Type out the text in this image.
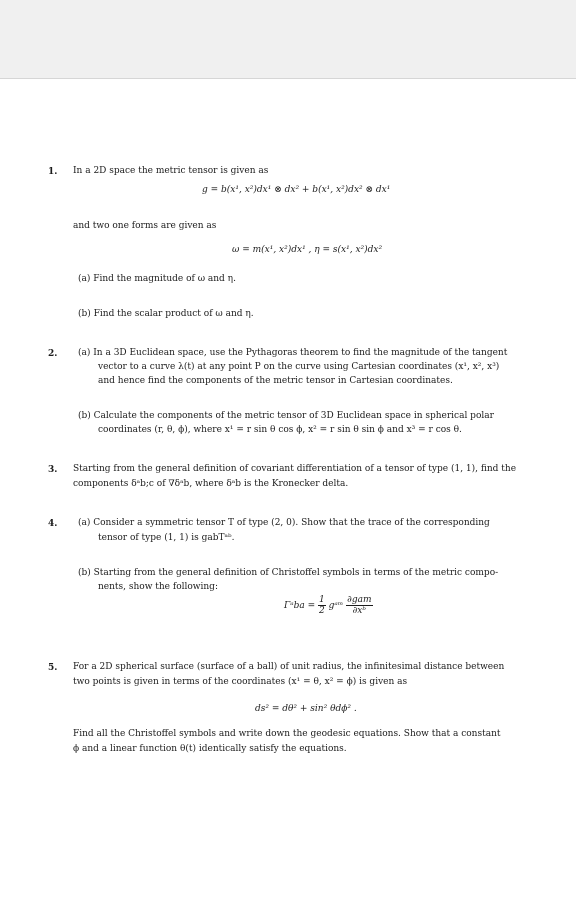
1. In a 2D space the metric tensor is given as
g = b(x¹, x²)dx¹ ⊗ dx² + b(x¹, x²)dx² ⊗ dx¹
and two one forms are given as
ω = m(x¹, x²)dx¹ , η = s(x¹, x²)dx²
(a) Find the magnitude of ω and η.
(b) Find the scalar product of ω and η.
2. (a) In a 3D Euclidean space, use the Pythagoras theorem to find the magnitude of the tangent
vector to a curve λ(t) at any point P on the curve using Cartesian coordinates (x¹, x², x³)
and hence find the components of the metric tensor in Cartesian coordinates.
(b) Calculate the components of the metric tensor of 3D Euclidean space in spherical polar
coordinates (r, θ, ϕ), where x¹ = r sin θ cos ϕ, x² = r sin θ sin ϕ and x³ = r cos θ.
3. Starting from the general definition of covariant differentiation of a tensor of type (1, 1), find the
components δᵃb;c of ∇δᵃb, where δᵃb is the Kronecker delta.
4. (a) Consider a symmetric tensor T of type (2, 0). Show that the trace of the corresponding
tensor of type (1, 1) is gabTᵃᵇ.
(b) Starting from the general definition of Christoffel symbols in terms of the metric compo-
nents, show the following:
Γᵃba = $\frac{1}{2}$ gᵃᵐ $\frac{\text{∂gam}}{\text{∂xᵇ}}$
5. For a 2D spherical surface (surface of a ball) of unit radius, the infinitesimal distance between
two points is given in terms of the coordinates (x¹ = θ, x² = ϕ) is given as
ds² = dθ² + sin² θdϕ² .
Find all the Christoffel symbols and write down the geodesic equations. Show that a constant
ϕ and a linear function θ(t) identically satisfy the equations.
